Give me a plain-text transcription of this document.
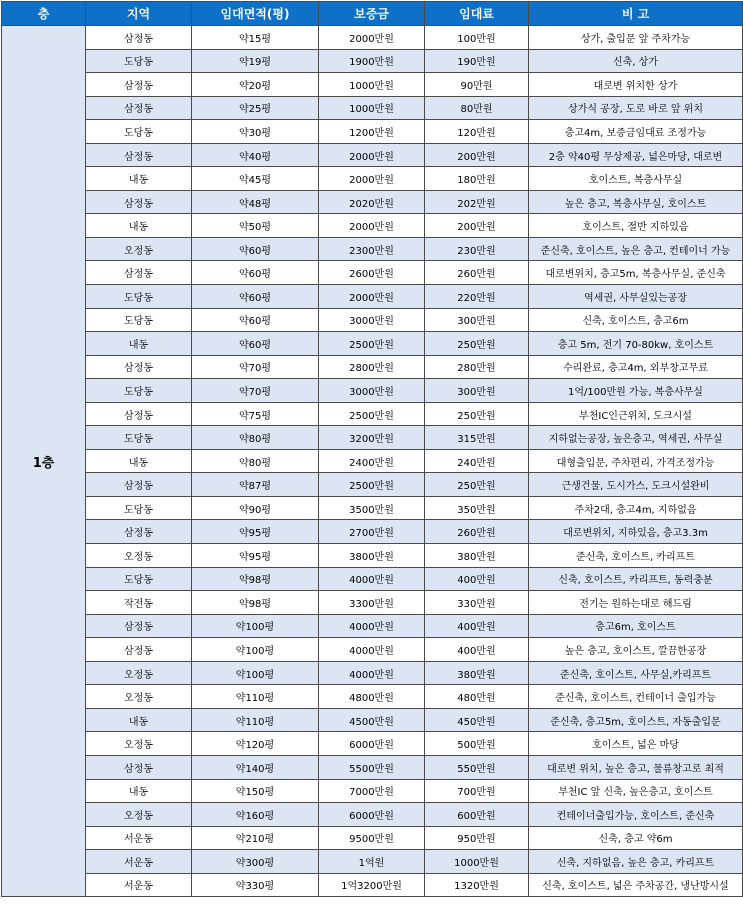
층	지역	임대면적(평)	보증금	임대료	비 고
1층	삼정동	약15평	2000만원	100만원	상가, 출입문 앞 주차가능
	도당동	약19평	1900만원	190만원	신축, 상가
	삼정동	약20평	1000만원	90만원	대로변 위치한 상가
	삼정동	약25평	1000만원	80만원	상가식 공장, 도로 바로 앞 위치
	도당동	약30평	1200만원	120만원	층고4m, 보증금임대료 조정가능
	삼정동	약40평	2000만원	200만원	2층 약40평 무상제공, 넓은마당, 대로변
	내동	약45평	2000만원	180만원	호이스트, 복층사무실
	삼정동	약48평	2020만원	202만원	높은 층고, 복층사무실, 호이스트
	내동	약50평	2000만원	200만원	호이스트, 절반 지하있음
	오정동	약60평	2300만원	230만원	준신축, 호이스트, 높은 층고, 컨테이너 가능
	삼정동	약60평	2600만원	260만원	대로변위치, 층고5m, 복층사무실, 준신축
	도당동	약60평	2000만원	220만원	역세권, 사무실있는공장
	도당동	약60평	3000만원	300만원	신축, 호이스트, 층고6m
	내동	약60평	2500만원	250만원	층고 5m, 전기 70-80kw, 호이스트
	삼정동	약70평	2800만원	280만원	수리완료, 층고4m, 외부창고무료
	도당동	약70평	3000만원	300만원	1억/100만원 가능, 복층사무실
	삼정동	약75평	2500만원	250만원	부천IC인근위치, 도크시설
	도당동	약80평	3200만원	315만원	지하없는공장, 높은층고, 역세권, 사무실
	내동	약80평	2400만원	240만원	대형출입문, 주차편리, 가격조정가능
	삼정동	약87평	2500만원	250만원	근생건물, 도시가스, 도크시설완비
	도당동	약90평	3500만원	350만원	주차2대, 층고4m, 지하없음
	삼정동	약95평	2700만원	260만원	대로변위치, 지하있음, 층고3.3m
	오정동	약95평	3800만원	380만원	준신축, 호이스트, 카리프트
	도당동	약98평	4000만원	400만원	신축, 호이스트, 카리프트, 동력충분
	작전동	약98평	3300만원	330만원	전기는 원하는대로 해드림
	삼정동	약100평	4000만원	400만원	층고6m, 호이스트
	삼정동	약100평	4000만원	400만원	높은 층고, 호이스트, 깔끔한공장
	오정동	약100평	4000만원	380만원	준신축, 호이스트, 사무실,카리프트
	오정동	약110평	4800만원	480만원	준신축, 호이스트, 컨테이너 출입가능
	내동	약110평	4500만원	450만원	준신축, 층고5m, 호이스트, 자동출입문
	오정동	약120평	6000만원	500만원	호이스트, 넓은 마당
	삼정동	약140평	5500만원	550만원	대로변 위치, 높은 층고, 물류창고로 최적
	내동	약150평	7000만원	700만원	부천IC 앞 신축, 높은층고, 호이스트
	오정동	약160평	6000만원	600만원	컨테이너출입가능, 호이스트, 준신축
	서운동	약210평	9500만원	950만원	신축, 층고 약6m
	서운동	약300평	1억원	1000만원	신축, 지하없음, 높은 층고, 카리프트
	서운동	약330평	1억3200만원	1320만원	신축, 호이스트, 넓은 주차공간, 냉난방시설
